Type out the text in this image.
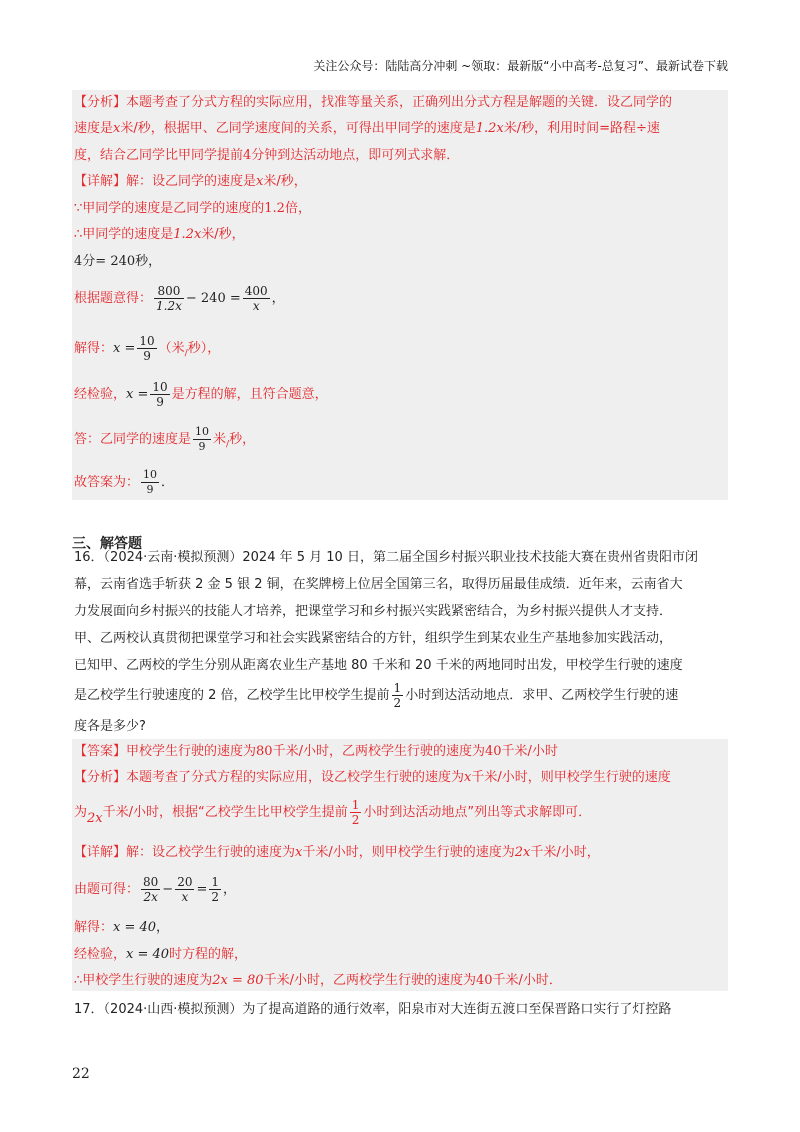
关注公众号：陆陆高分冲刺 ~领取：最新版“小中高考-总复习”、最新试卷下载
【分析】本题考查了分式方程的实际应用，找准等量关系，正确列出分式方程是解题的关键．设乙同学的
速度是x米/秒，根据甲、乙同学速度间的关系，可得出甲同学的速度是1.2x米/秒，利用时间=路程÷速
度，结合乙同学比甲同学提前4分钟到达活动地点，即可列式求解．
【详解】解：设乙同学的速度是x米/秒，
∵甲同学的速度是乙同学的速度的1.2倍，
∴甲同学的速度是1.2x米/秒，
4分= 240秒，
根据题意得： $\frac{800}{1.2x} - 240 = \frac{400}{x}$ ，
解得：$x = \frac{10}{9}$ （米$_/$秒），
经检验，$x = \frac{10}{9}$ 是方程的解，且符合题意，
答：乙同学的速度是 $\frac{10}{9}$ 米$_/$秒，
故答案为： $\frac{10}{9}$ ．
三、解答题
16．（2024·云南·模拟预测）2024 年 5 月 10 日，第二届全国乡村振兴职业技术技能大赛在贵州省贵阳市闭
幕，云南省选手斩获 2 金 5 银 2 铜，在奖牌榜上位居全国第三名，取得历届最佳成绩．近年来，云南省大
力发展面向乡村振兴的技能人才培养，把课堂学习和乡村振兴实践紧密结合，为乡村振兴提供人才支持．
甲、乙两校认真贯彻把课堂学习和社会实践紧密结合的方针，组织学生到某农业生产基地参加实践活动，
已知甲、乙两校的学生分别从距离农业生产基地 80 千米和 20 千米的两地同时出发，甲校学生行驶的速度
是乙校学生行驶速度的 2 倍，乙校学生比甲校学生提前 $\frac{1}{2}$ 小时到达活动地点．求甲、乙两校学生行驶的速
度各是多少?
【答案】甲校学生行驶的速度为80千米/小时，乙两校学生行驶的速度为40千米/小时
【分析】本题考查了分式方程的实际应用，设乙校学生行驶的速度为x千米/小时，则甲校学生行驶的速度
为2x千米/小时，根据“乙校学生比甲校学生提前 $\frac{1}{2}$ 小时到达活动地点”列出等式求解即可．
【详解】解：设乙校学生行驶的速度为x千米/小时，则甲校学生行驶的速度为2x千米/小时，
由题可得： $\frac{80}{2x} - \frac{20}{x} = \frac{1}{2}$ ，
解得：x = 40，
经检验，x = 40时方程的解，
∴甲校学生行驶的速度为2x = 80千米/小时，乙两校学生行驶的速度为40千米/小时．
17．（2024·山西·模拟预测）为了提高道路的通行效率，阳泉市对大连街五渡口至保晋路口实行了灯控路
22
